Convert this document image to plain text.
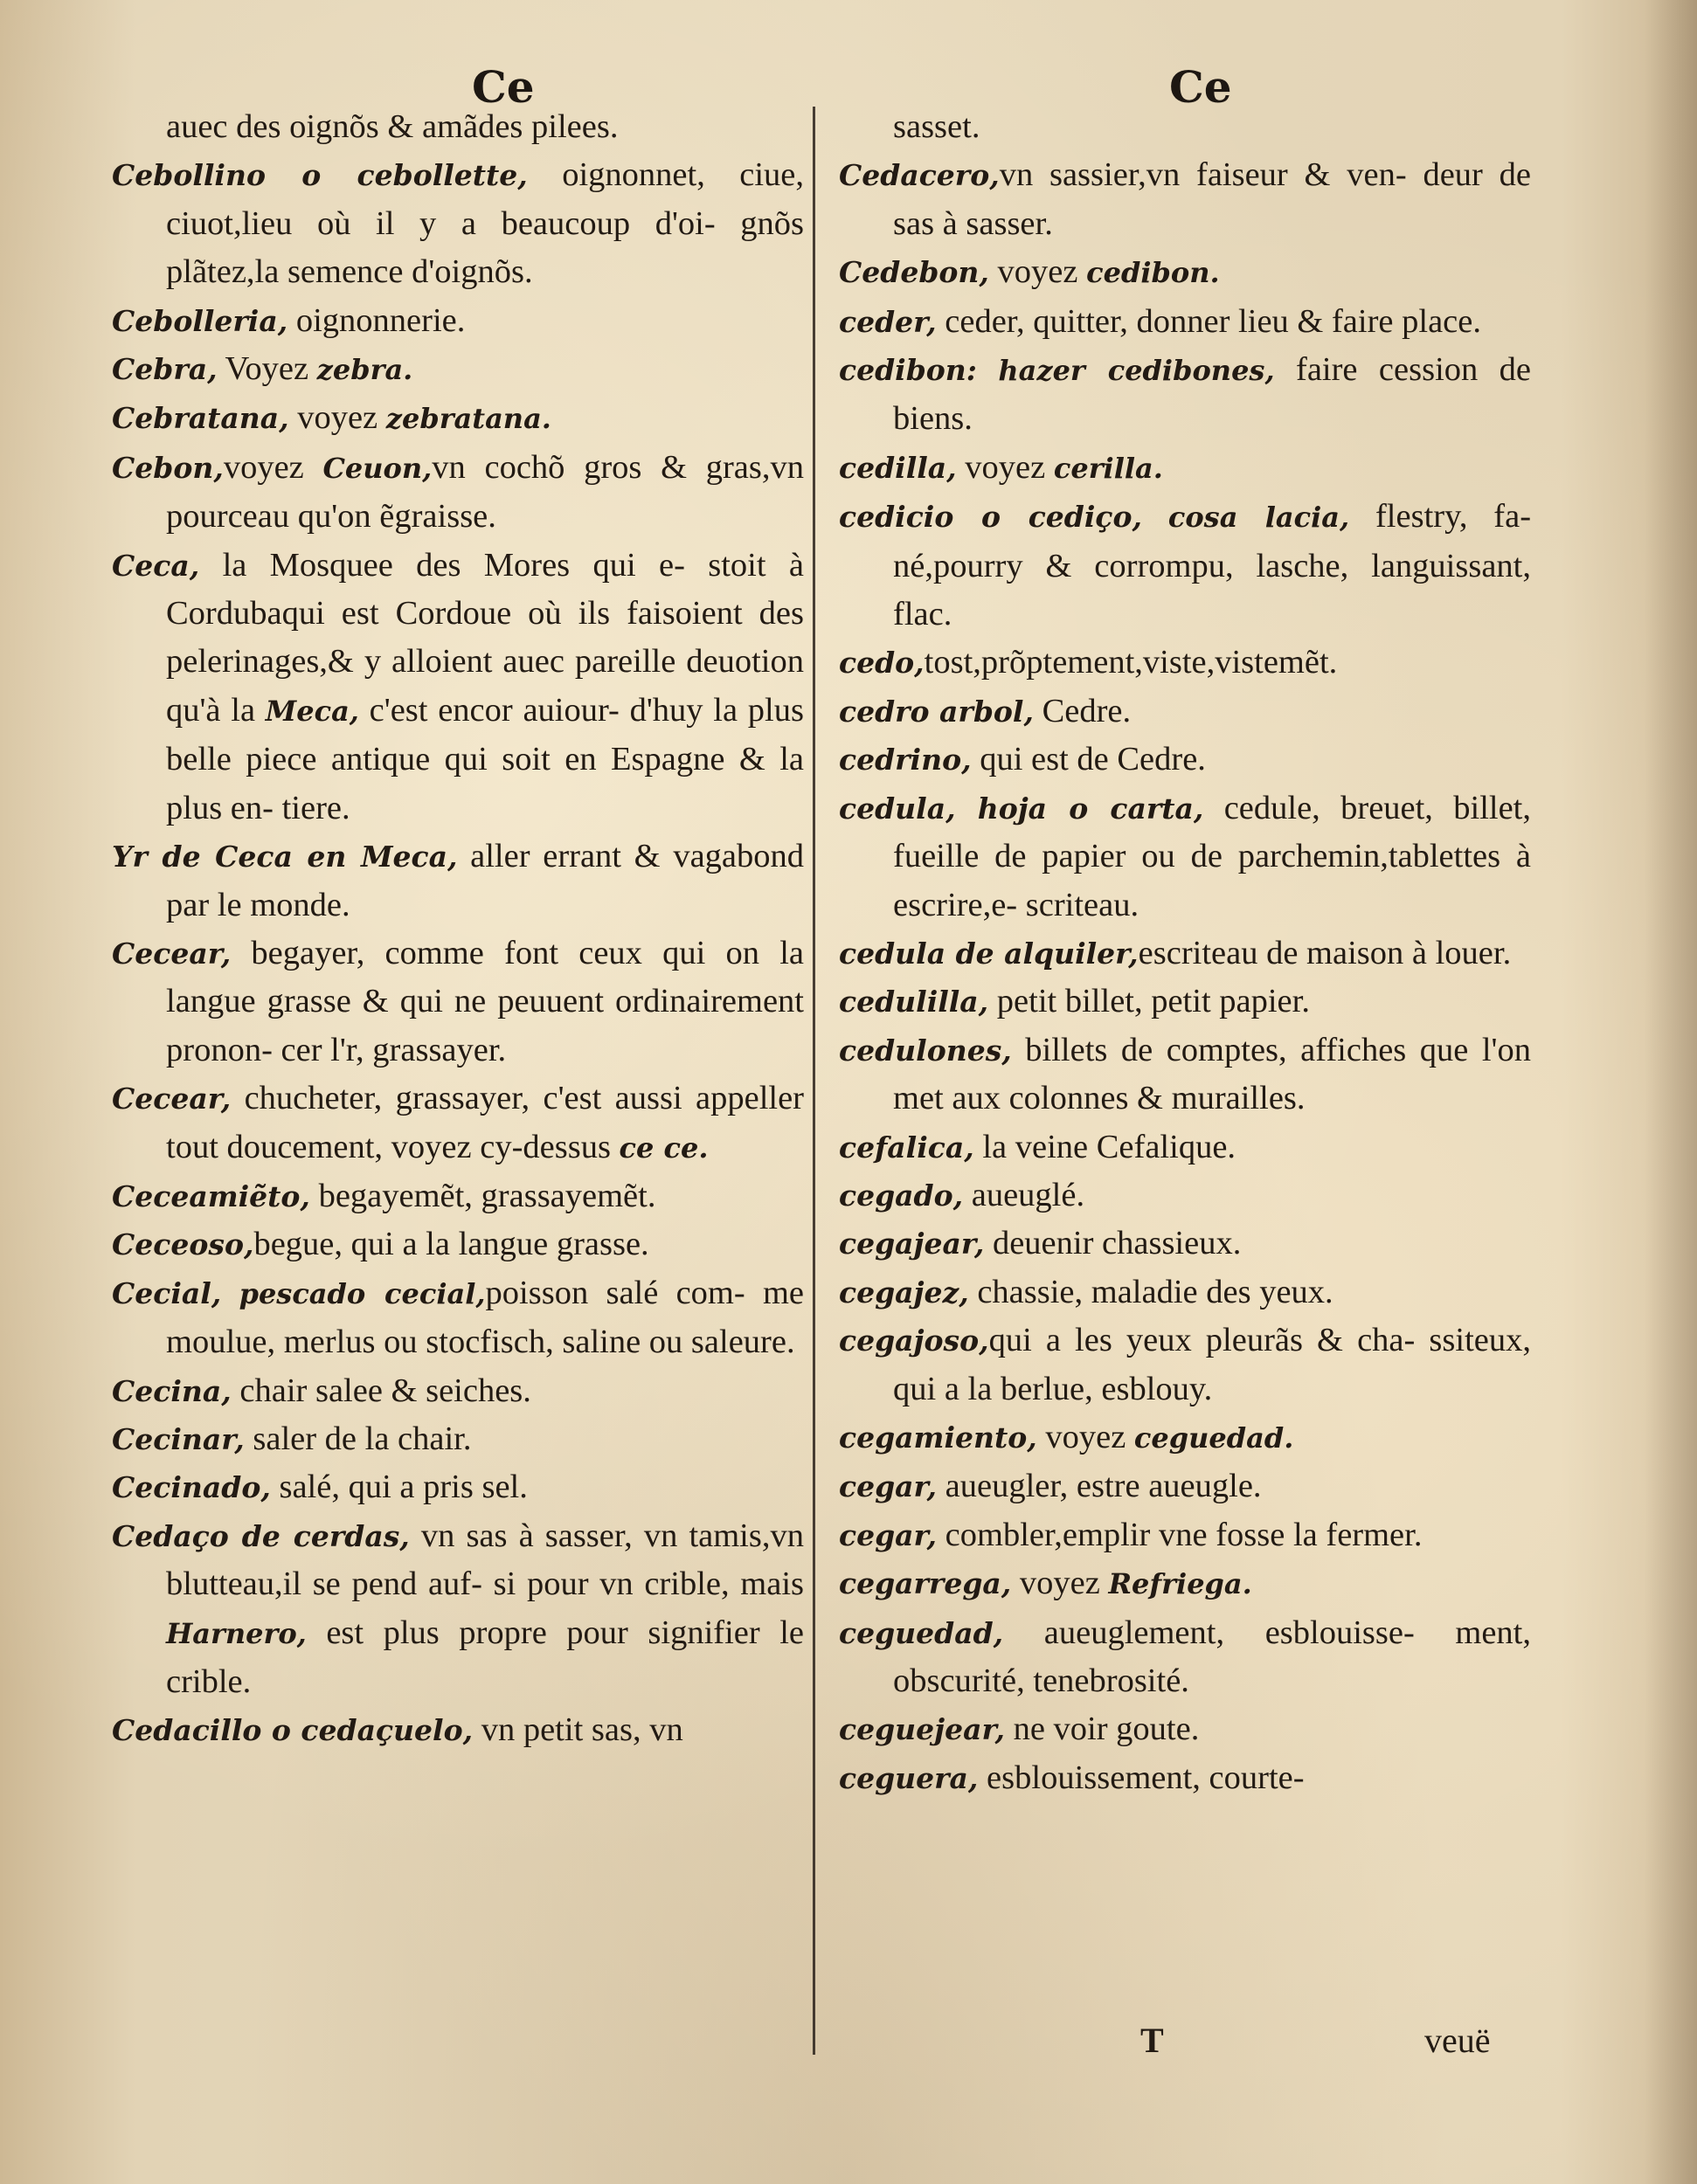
Ce	Ce

auec des oignõs & amãdes pilees.

Cebollino o cebollette, oignonnet, ciue, ciuot,lieu où il y a beaucoup d'oi- gnõs plãtez,la semence d'oignõs.

Cebolleria, oignonnerie.

Cebra, Voyez zebra.

Cebratana, voyez zebratana.

Cebon,voyez Ceuon,vn cochõ gros & gras,vn pourceau qu'on ẽgraisse.

Ceca, la Mosquee des Mores qui e- stoit à Cordubaqui est Cordoue où ils faisoient des pelerinages,& y alloient auec pareille deuotion qu'à la Meca, c'est encor auiour- d'huy la plus belle piece antique qui soit en Espagne & la plus en- tiere.

Yr de Ceca en Meca, aller errant & vagabond par le monde.

Cecear, begayer, comme font ceux qui on la langue grasse & qui ne peuuent ordinairement pronon- cer l'r, grassayer.

Cecear, chucheter, grassayer, c'est aussi appeller tout doucement, voyez cy-dessus ce ce.

Ceceamiẽto, begayemẽt, grassayemẽt.

Ceceoso,begue, qui a la langue grasse.

Cecial, pescado cecial,poisson salé com- me moulue, merlus ou stocfisch, saline ou saleure.

Cecina, chair salee & seiches.

Cecinar, saler de la chair.

Cecinado, salé, qui a pris sel.

Cedaço de cerdas, vn sas à sasser, vn tamis,vn blutteau,il se pend auf- si pour vn crible, mais Harnero, est plus propre pour signifier le crible.

Cedacillo o cedaçuelo, vn petit sas, vn

sasset.

Cedacero,vn sassier,vn faiseur & ven- deur de sas à sasser.

Cedebon, voyez cedibon.

ceder, ceder, quitter, donner lieu & faire place.

cedibon: hazer cedibones, faire cession de biens.

cedilla, voyez cerilla.

cedicio o cediço, cosa lacia, flestry, fa- né,pourry & corrompu, lasche, languissant, flac.

cedo,tost,prõptement,viste,vistemẽt.

cedro arbol, Cedre.

cedrino, qui est de Cedre.

cedula, hoja o carta, cedule, breuet, billet, fueille de papier ou de parchemin,tablettes à escrire,e- scriteau.

cedula de alquiler,escriteau de maison à louer.

cedulilla, petit billet, petit papier.

cedulones, billets de comptes, affiches que l'on met aux colonnes & murailles.

cefalica, la veine Cefalique.

cegado, aueuglé.

cegajear, deuenir chassieux.

cegajez, chassie, maladie des yeux.

cegajoso,qui a les yeux pleurãs & cha- ssiteux, qui a la berlue, esblouy.

cegamiento, voyez ceguedad.

cegar, aueugler, estre aueugle.

cegar, combler,emplir vne fosse la fermer.

cegarrega, voyez Refriega.

ceguedad, aueuglement, esblouisse- ment, obscurité, tenebrosité.

ceguejear, ne voir goute.

ceguera, esblouissement, courte-

T	veuë
